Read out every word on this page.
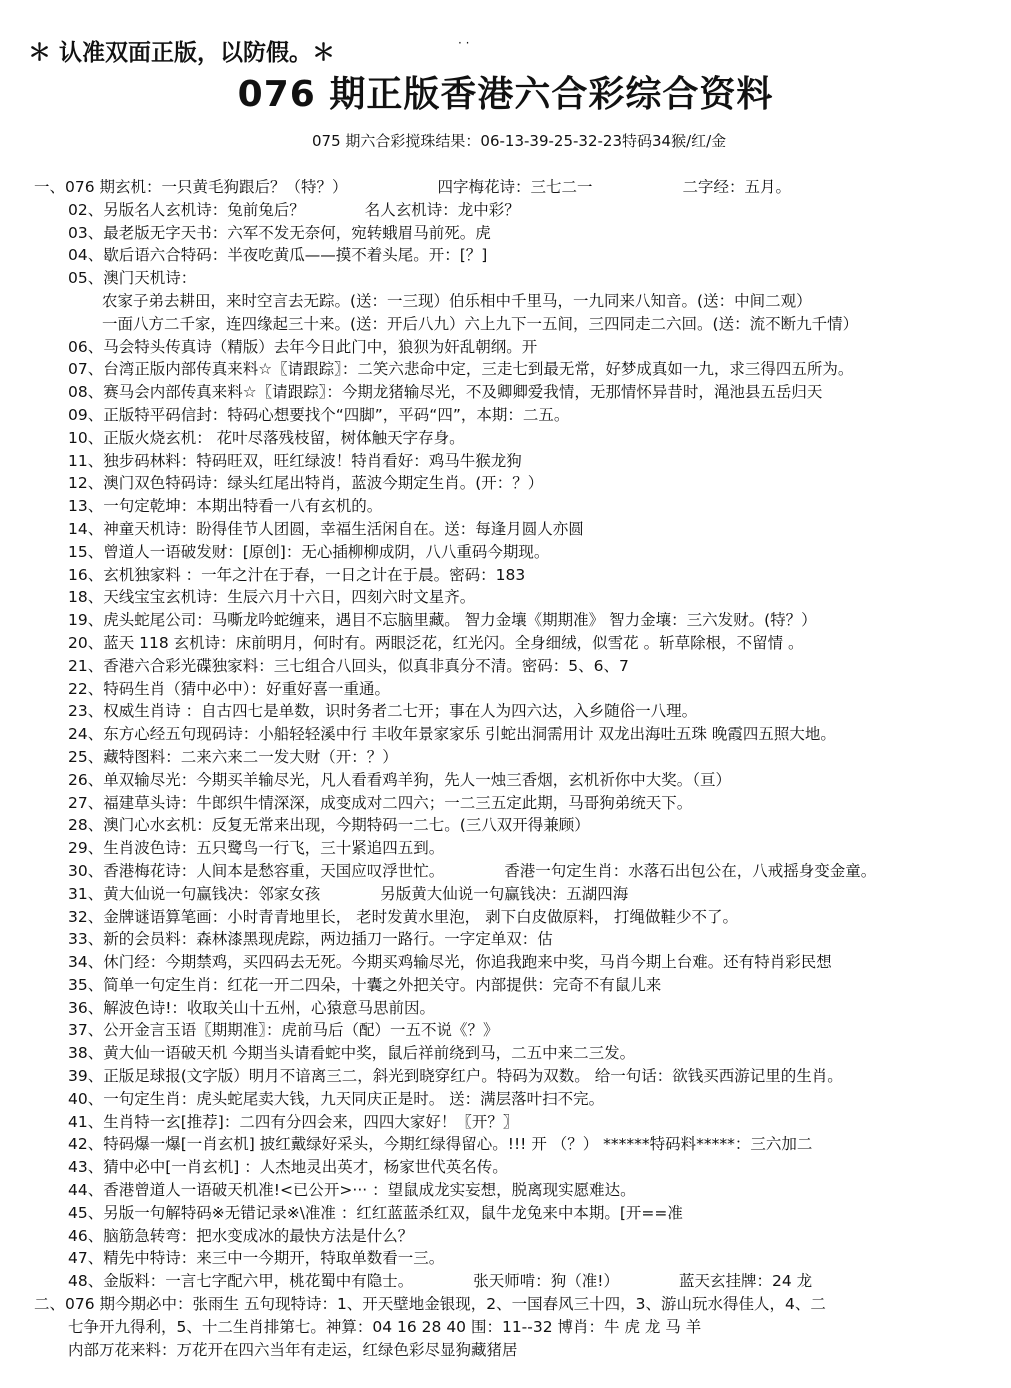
＊ 认准双面正版，以防假。＊	· ·
076 期正版香港六合彩综合资料
075 期六合彩搅珠结果：06-13-39-25-32-23特码34猴/红/金
一、076 期玄机：一只黄毛狗跟后？（特？）	四字梅花诗：三七二一	二字经：五月。
02、另版名人玄机诗：兔前兔后？	名人玄机诗：龙中彩？
03、最老版无字天书：六军不发无奈何，宛转蛾眉马前死。虎
04、歇后语六合特码：半夜吃黄瓜——摸不着头尾。开：[？]
05、澳门天机诗：
农家子弟去耕田，来时空言去无踪。(送：一三现）伯乐相中千里马，一九同来八知音。(送：中间二观）
一面八方二千家，连四缘起三十来。(送：开后八九）六上九下一五间，三四同走二六回。(送：流不断九千情）
06、马会特头传真诗（精版）去年今日此门中，狼狈为奸乱朝纲。开
07、台湾正版内部传真来料☆〖请跟踪〗：二笑六悲命中定，三走七到最无常，好梦成真如一九，求三得四五所为。
08、赛马会内部传真来料☆〖请跟踪〗：今期龙猪输尽光，不及卿卿爱我情，无那情怀异昔时，渑池县五岳归天
09、正版特平码信封：特码心想要找个“四脚”，平码“四”，本期：二五。
10、正版火烧玄机： 花叶尽落残枝留，树体触天字存身。
11、独步码林料：特码旺双，旺红绿波！特肖看好：鸡马牛猴龙狗
12、澳门双色特码诗：绿头红尾出特肖，蓝波今期定生肖。(开：？）
13、一句定乾坤：本期出特看一八有玄机的。
14、神童天机诗：盼得佳节人团圆，幸福生活闲自在。送：每逢月圆人亦圆
15、曾道人一语破发财：[原创]：无心插柳柳成阴，八八重码今期现。
16、玄机独家料 ：一年之汁在于春，一日之计在于晨。密码：183
18、天线宝宝玄机诗：生辰六月十六日，四刻六时文星齐。
19、虎头蛇尾公司：马嘶龙吟蛇缠来，遇目不忘脑里藏。 智力金壤《期期准》 智力金壤：三六发财。(特？）
20、蓝天 118 玄机诗：床前明月，何时有。两眼泛花，红光闪。全身细绒，似雪花 。斩草除根，不留情 。
21、香港六合彩光碟独家料：三七组合八回头，似真非真分不清。密码：5、6、7
22、特码生肖（猜中必中）：好重好喜一重通。
23、权威生肖诗 ：自古四七是单数，识时务者二七开；事在人为四六达，入乡随俗一八理。
24、东方心经五句现码诗：小船轻轻溪中行 丰收年景家家乐 引蛇出洞需用计 双龙出海吐五珠 晚霞四五照大地。
25、藏特图料：二来六来二一发大财（开：？）
26、单双输尽光：今期买羊输尽光，凡人看看鸡羊狗，先人一烛三香烟，玄机祈你中大奖。（亘）
27、福建草头诗：牛郎织牛情深深，成变成对二四六；一二三五定此期，马哥狗弟统天下。
28、澳门心水玄机：反复无常来出现，今期特码一二七。(三八双开得兼顾）
29、生肖波色诗：五只鹭鸟一行飞，三十紧追四五到。
30、香港梅花诗：人间本是愁容重，天国应叹浮世忙。	香港一句定生肖：水落石出包公在，八戒摇身变金童。
31、黄大仙说一句赢钱决：邻家女孩	另版黄大仙说一句赢钱决：五湖四海
32、金牌谜语算笔画：小时青青地里长， 老时发黄水里泡， 剥下白皮做原料， 打绳做鞋少不了。
33、新的会员料：森林漆黑现虎踪，两边插刀一路行。一字定单双：估
34、休门经：今期禁鸡，买四码去无死。今期买鸡输尽光，你追我跑来中奖，马肖今期上台难。还有特肖彩民想
35、简单一句定生肖：红花一开二四朵，十囊之外把关守。内部提供：完奇不有鼠儿来
36、解波色诗!：收取关山十五州，心猿意马思前因。
37、公开金言玉语〖期期准〗：虎前马后（配）一五不说《？》
38、黄大仙一语破天机 今期当头请看蛇中奖，鼠后祥前绕到马，二五中来二三发。
39、正版足球报(文字版）明月不谙离三二，斜光到晓穿红户。特码为双数。 给一句话：欲钱买西游记里的生肖。
40、一句定生肖：虎头蛇尾卖大钱，九天同庆正是时。 送：满层落叶扫不完。
41、生肖特一玄[推荐]：二四有分四会来，四四大家好！〖开？〗
42、特码爆一爆[一肖玄机] 披红戴绿好采头，今期红绿得留心。!!! 开 （？） ******特码料*****：三六加二
43、猜中必中[一肖玄机] ：人杰地灵出英才，杨家世代英名传。
44、香港曾道人一语破天机准!<已公开>··· ：望鼠成龙实妄想，脱离现实愿难达。
45、另版一句解特码※无错记录※\准准 ：红红蓝蓝杀红双，鼠牛龙兔来中本期。[开==准
46、脑筋急转弯：把水变成冰的最快方法是什么？
47、精先中特诗：来三中一今期开，特取单数看一三。
48、金版料：一言七字配六甲，桃花蜀中有隐士。	张天师啃：狗（准!）	蓝天玄挂牌：24 龙
二、076 期今期必中：张雨生 五句现特诗：1、开天壁地金银现，2、一国春风三十四，3、游山玩水得佳人，4、二
七争开九得利，5、十二生肖排第七。神算：04 16 28 40 围：11--32 博肖：牛 虎 龙 马 羊
内部万花来料：万花开在四六当年有走运，红绿色彩尽显狗藏猪居
